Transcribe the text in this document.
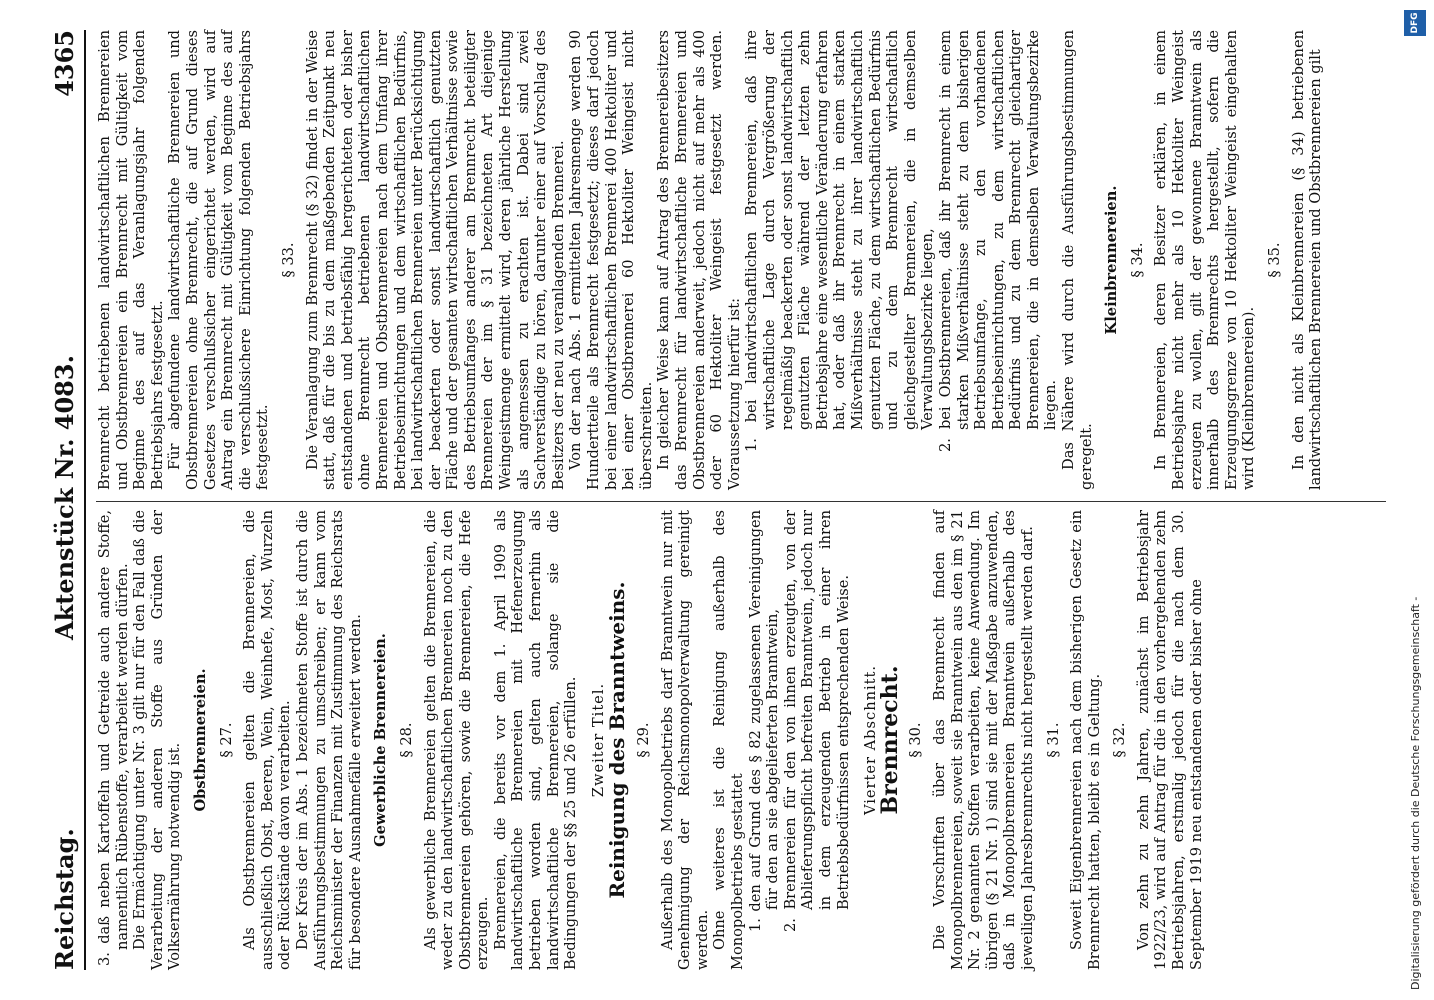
Reichstag.
Aktenstück Nr. 4083.
4365

3. daß neben Kartoffeln und Getreide auch andere Stoffe, namentlich Rübenstoffe, verarbeitet werden dürfen. Die Ermächtigung unter Nr. 3 gilt nur für den Fall daß die Verarbeitung der anderen Stoffe aus Gründen der Volksernährung notwendig ist.

Obstbrennereien. § 27. Als Obstbrennereien gelten die Brennereien, die ausschließlich Obst, Beeren, Wein, Weinhefe, Most, Wurzeln oder Rückstände davon verarbeiten. Der Kreis der im Abs. 1 bezeichneten Stoffe ist durch die Ausführungsbestimmungen zu umschreiben; er kann vom Reichsminister der Finanzen mit Zustimmung des Reichsrats für besondere Ausnahmefälle erweitert werden. Gewerbliche Brennereien. § 28. Als gewerbliche Brennereien gelten die Brennereien, die weder zu den landwirtschaftlichen Brennereien noch zu den Obstbrennereien gehören, sowie die Brennereien, die Hefe erzeugen. Brennereien, die bereits vor dem 1. April 1909 als landwirtschaftliche Brennereien mit Hefenerzeugung betrieben worden sind, gelten auch fernerhin als landwirtschaftliche Brennereien, solange sie die Bedingungen der §§ 25 und 26 erfüllen. Zweiter Titel.

Reinigung des Branntweins. § 29. Außerhalb des Monopolbetriebs darf Branntwein nur mit Genehmigung der Reichsmonopolverwaltung gereinigt werden. Ohne weiteres ist die Reinigung außerhalb des Monopolbetriebs gestattet 1. den auf Grund des § 82 zugelassenen Vereinigungen für den an sie abgelieferten Branntwein, 2. Brennereien für den von ihnen erzeugten, von der Ablieferungspflicht befreiten Branntwein, jedoch nur in dem erzeugenden Betrieb in einer ihren Betriebsbedürfnissen entsprechenden Weise. Vierter Abschnitt.

Brennrecht. § 30. Die Vorschriften über das Brennrecht finden auf Monopolbrennereien, soweit sie Branntwein aus den im § 21 Nr. 2 genannten Stoffen verarbeiten, keine Anwendung. Im übrigen (§ 21 Nr. 1) sind sie mit der Maßgabe anzuwenden, daß in Monopolbrennereien Branntwein außerhalb des jeweiligen Jahresbrennrechts nicht hergestellt werden darf. § 31. Soweit Eigenbrennereien nach dem bisherigen Gesetz ein Brennrecht hatten, bleibt es in Geltung. § 32. Von zehn zu zehn Jahren, zunächst im Betriebsjahr 1922/23, wird auf Antrag für die in den vorhergehenden zehn Betriebsjahren, erstmalig jedoch für die nach dem 30. September 1919 neu entstandenen oder bisher ohne

Brennrecht betriebenen landwirtschaftlichen Brennereien und Obstbrennereien ein Brennrecht mit Gültigkeit vom Beginne des auf das Veranlagungsjahr folgenden Betriebsjahrs festgesetzt. Für abgefundene landwirtschaftliche Brennereien und Obstbrennereien ohne Brennrecht, die auf Grund dieses Gesetzes verschlußsicher eingerichtet werden, wird auf Antrag ein Brennrecht mit Gültigkeit vom Beginne des auf die verschlußsichere Einrichtung folgenden Betriebsjahrs festgesetzt.

§ 33. Die Veranlagung zum Brennrecht (§ 32) findet in der Weise statt, daß für die bis zu dem maßgebenden Zeitpunkt neu entstandenen und betriebsfähig hergerichteten oder bisher ohne Brennrecht betriebenen landwirtschaftlichen Brennereien und Obstbrennereien nach dem Umfang ihrer Betriebseinrichtungen und dem wirtschaftlichen Bedürfnis, bei landwirtschaftlichen Brennereien unter Berücksichtigung der beackerten oder sonst landwirtschaftlich genutzten Fläche und der gesamten wirtschaftlichen Verhältnisse sowie des Betriebsumfanges anderer am Brennrecht beteiligter Brennereien der im § 31 bezeichneten Art diejenige Weingeistmenge ermittelt wird, deren jährliche Herstellung als angemessen zu erachten ist. Dabei sind zwei Sachverständige zu hören, darunter einer auf Vorschlag des Besitzers der neu zu veranlagenden Brennerei. Von der nach Abs. 1 ermittelten Jahresmenge werden 90 Hundertteile als Brennrecht festgesetzt; dieses darf jedoch bei einer landwirtschaftlichen Brennerei 400 Hektoliter und bei einer Obstbrennerei 60 Hektoliter Weingeist nicht überschreiten. In gleicher Weise kann auf Antrag des Brennereibesitzers das Brennrecht für landwirtschaftliche Brennereien und Obstbrennereien anderweit, jedoch nicht auf mehr als 400 oder 60 Hektoliter Weingeist festgesetzt werden. Voraussetzung hierfür ist: 1. bei landwirtschaftlichen Brennereien, daß ihre wirtschaftliche Lage durch Vergrößerung der regelmäßig beackerten oder sonst landwirtschaftlich genutzten Fläche während der letzten zehn Betriebsjahre eine wesentliche Veränderung erfahren hat, oder daß ihr Brennrecht in einem starken Mißverhältnisse steht zu ihrer landwirtschaftlich genutzten Fläche, zu dem wirtschaftlichen Bedürfnis und zu dem Brennrecht wirtschaftlich gleichgestellter Brennereien, die in demselben Verwaltungsbezirke liegen, 2. bei Obstbrennereien, daß ihr Brennrecht in einem starken Mißverhältnisse steht zu dem bisherigen Betriebsumfange, zu den vorhandenen Betriebseinrichtungen, zu dem wirtschaftlichen Bedürfnis und zu dem Brennrecht gleichartiger Brennereien, die in demselben Verwaltungsbezirke liegen. Das Nähere wird durch die Ausführungsbestimmungen geregelt.

Kleinbrennereien. § 34. In Brennereien, deren Besitzer erklären, in einem Betriebsjahre nicht mehr als 10 Hektoliter Weingeist erzeugen zu wollen, gilt der gewonnene Branntwein als innerhalb des Brennrechts hergestellt, sofern die Erzeugungsgrenze von 10 Hektoliter Weingeist eingehalten wird (Kleinbrennereien).

§ 35. In den nicht als Kleinbrennereien (§ 34) betriebenen landwirtschaftlichen Brennereien und Obstbrennereien gilt

DFG
Digitalisierung gefördert durch die Deutsche Forschungsgemeinschaft -
